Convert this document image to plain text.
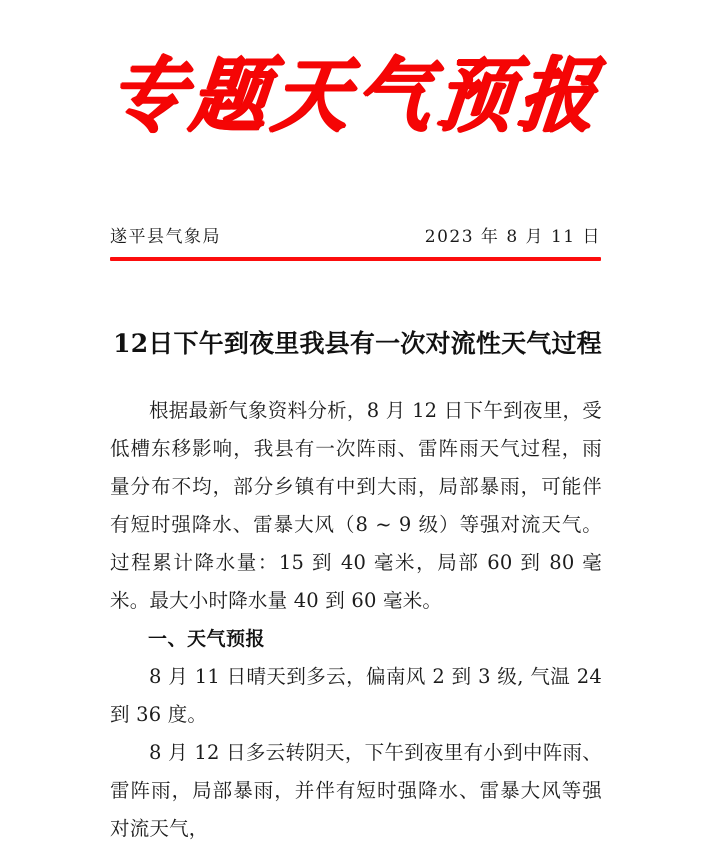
专题天气预报
遂平县气象局	2023 年 8 月 11 日
12日下午到夜里我县有一次对流性天气过程

根据最新气象资料分析，8 月 12 日下午到夜里，受低槽东移影响，我县有一次阵雨、雷阵雨天气过程，雨量分布不均，部分乡镇有中到大雨，局部暴雨，可能伴有短时强降水、雷暴大风（8 ~ 9 级）等强对流天气。过程累计降水量：15 到 40 毫米，局部 60 到 80 毫米。最大小时降水量 40 到 60 毫米。

一、天气预报

8 月 11 日晴天到多云，偏南风 2 到 3 级, 气温 24 到 36 度。

8 月 12 日多云转阴天，下午到夜里有小到中阵雨、雷阵雨，局部暴雨，并伴有短时强降水、雷暴大风等强对流天气，
